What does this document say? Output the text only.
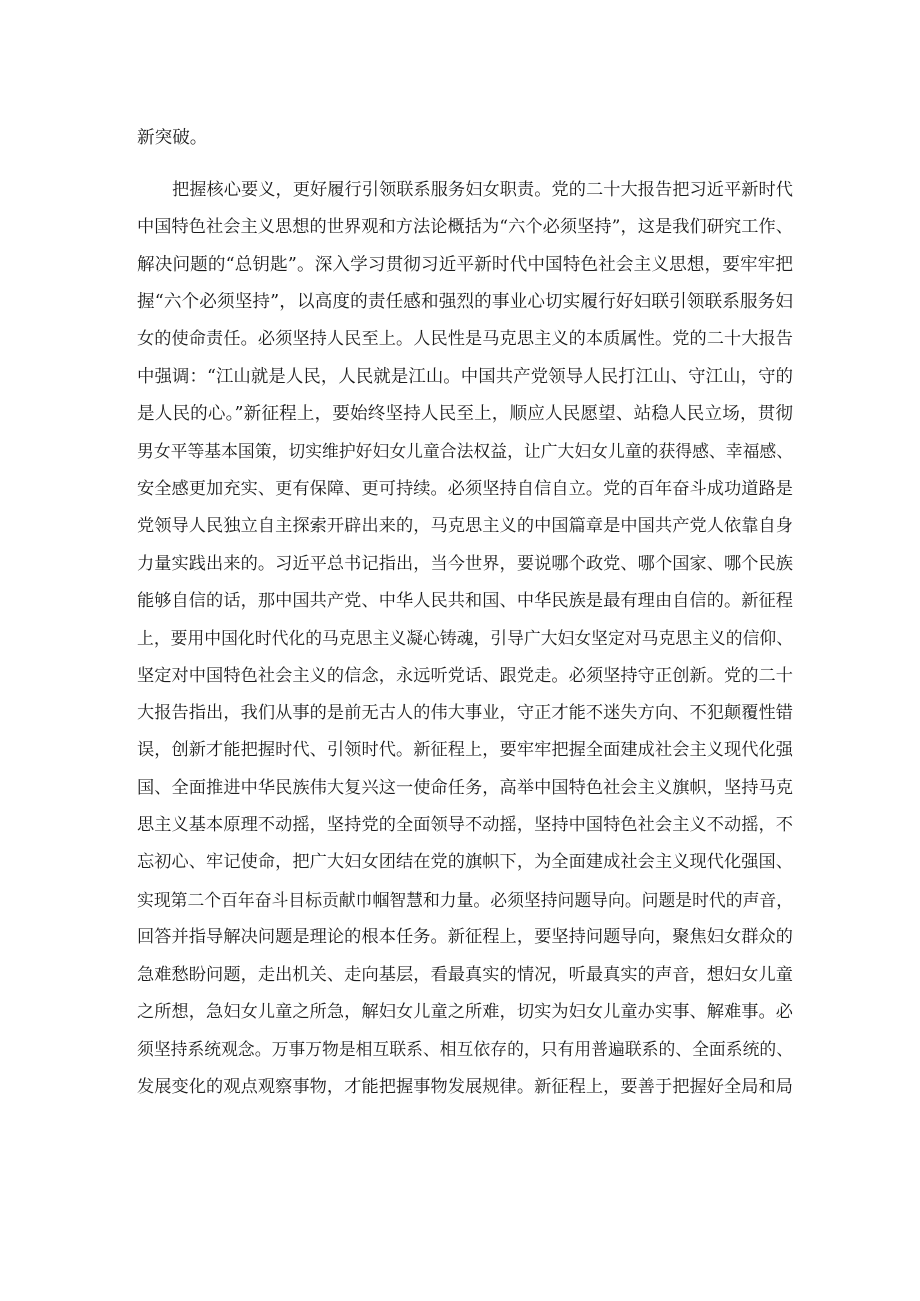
新突破。
把握核心要义，更好履行引领联系服务妇女职责。党的二十大报告把习近平新时代
中国特色社会主义思想的世界观和方法论概括为“六个必须坚持”，这是我们研究工作、
解决问题的“总钥匙”。深入学习贯彻习近平新时代中国特色社会主义思想，要牢牢把
握“六个必须坚持”，以高度的责任感和强烈的事业心切实履行好妇联引领联系服务妇
女的使命责任。必须坚持人民至上。人民性是马克思主义的本质属性。党的二十大报告
中强调：“江山就是人民，人民就是江山。中国共产党领导人民打江山、守江山，守的
是人民的心。”新征程上，要始终坚持人民至上，顺应人民愿望、站稳人民立场，贯彻
男女平等基本国策，切实维护好妇女儿童合法权益，让广大妇女儿童的获得感、幸福感、
安全感更加充实、更有保障、更可持续。必须坚持自信自立。党的百年奋斗成功道路是
党领导人民独立自主探索开辟出来的，马克思主义的中国篇章是中国共产党人依靠自身
力量实践出来的。习近平总书记指出，当今世界，要说哪个政党、哪个国家、哪个民族
能够自信的话，那中国共产党、中华人民共和国、中华民族是最有理由自信的。新征程
上，要用中国化时代化的马克思主义凝心铸魂，引导广大妇女坚定对马克思主义的信仰、
坚定对中国特色社会主义的信念，永远听党话、跟党走。必须坚持守正创新。党的二十
大报告指出，我们从事的是前无古人的伟大事业，守正才能不迷失方向、不犯颠覆性错
误，创新才能把握时代、引领时代。新征程上，要牢牢把握全面建成社会主义现代化强
国、全面推进中华民族伟大复兴这一使命任务，高举中国特色社会主义旗帜，坚持马克
思主义基本原理不动摇，坚持党的全面领导不动摇，坚持中国特色社会主义不动摇，不
忘初心、牢记使命，把广大妇女团结在党的旗帜下，为全面建成社会主义现代化强国、
实现第二个百年奋斗目标贡献巾帼智慧和力量。必须坚持问题导向。问题是时代的声音，
回答并指导解决问题是理论的根本任务。新征程上，要坚持问题导向，聚焦妇女群众的
急难愁盼问题，走出机关、走向基层，看最真实的情况，听最真实的声音，想妇女儿童
之所想，急妇女儿童之所急，解妇女儿童之所难，切实为妇女儿童办实事、解难事。必
须坚持系统观念。万事万物是相互联系、相互依存的，只有用普遍联系的、全面系统的、
发展变化的观点观察事物，才能把握事物发展规律。新征程上，要善于把握好全局和局
